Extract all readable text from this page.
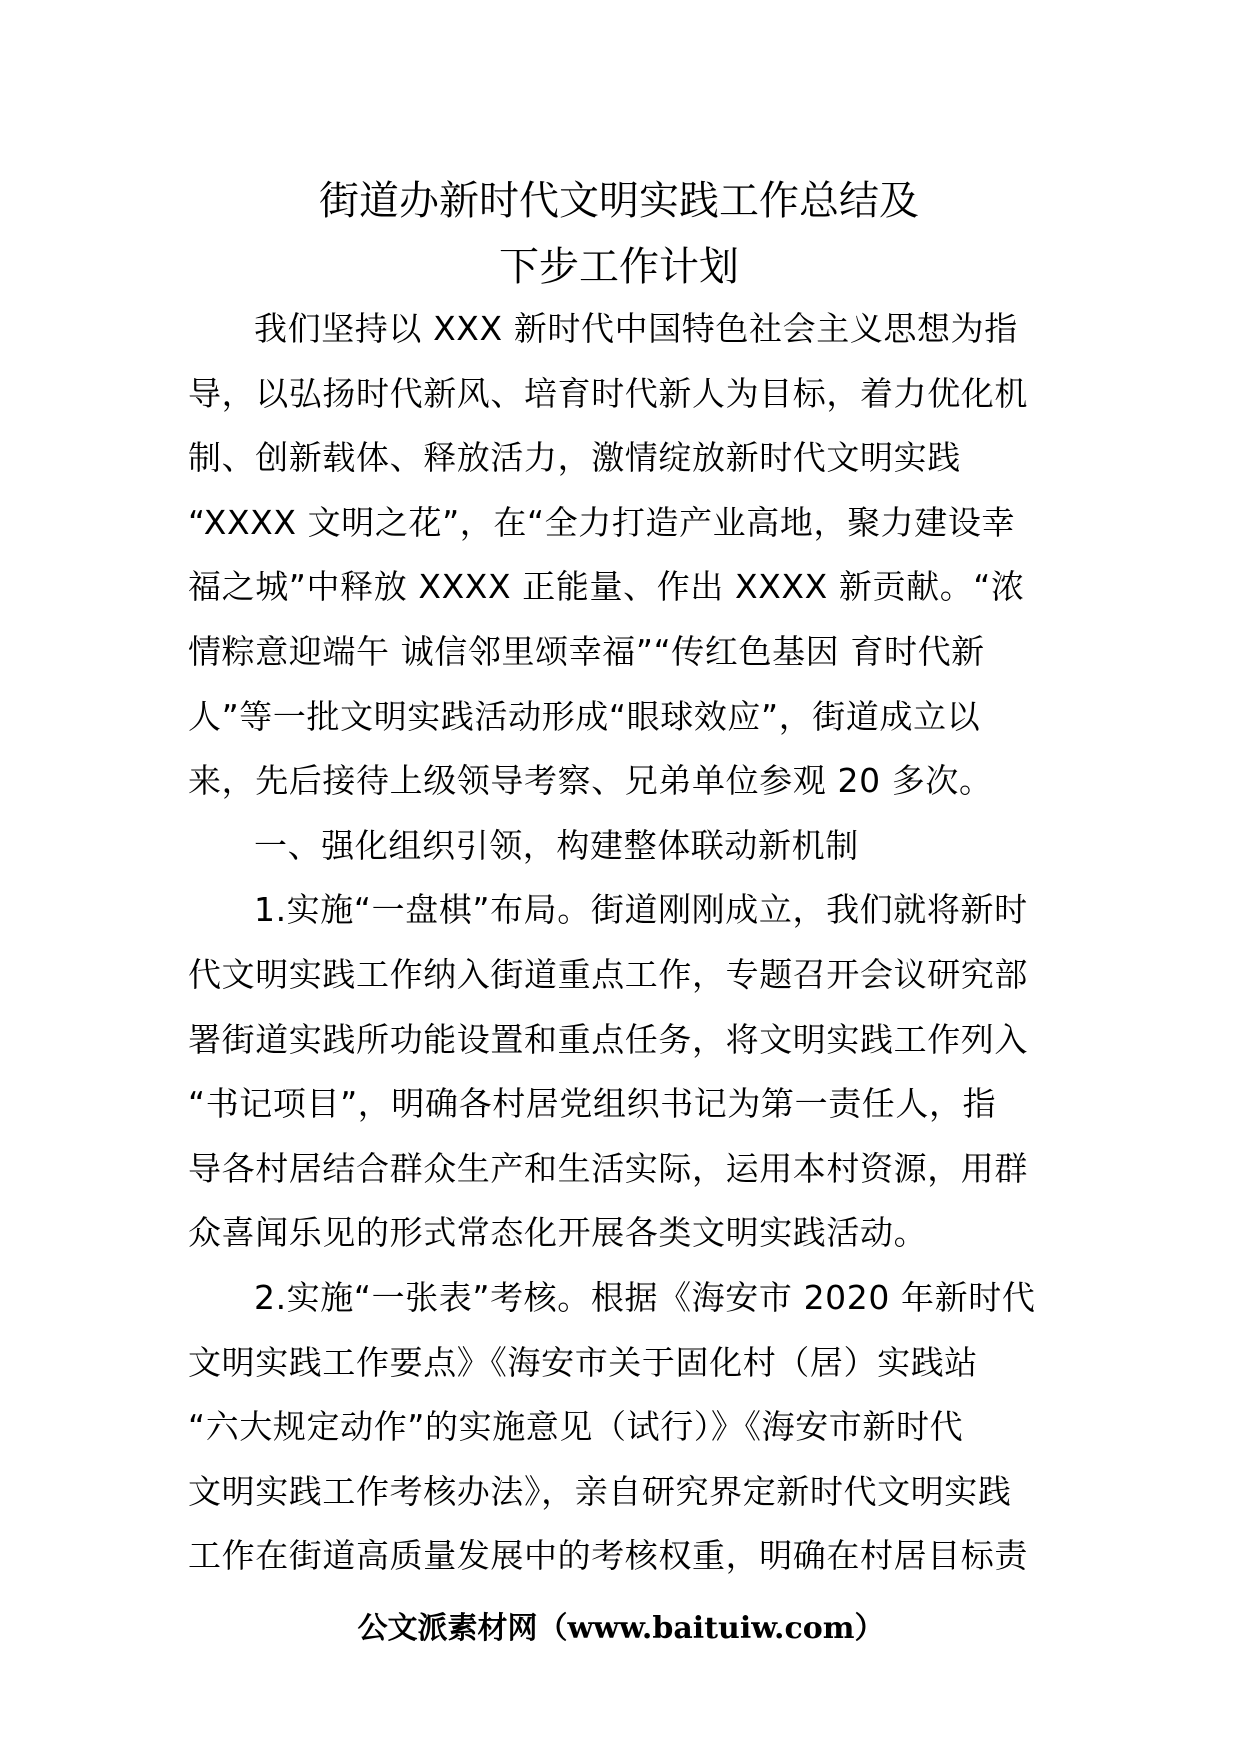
街道办新时代文明实践工作总结及
下步工作计划
我们坚持以 XXX 新时代中国特色社会主义思想为指
导，以弘扬时代新风、培育时代新人为目标，着力优化机
制、创新载体、释放活力，激情绽放新时代文明实践
“XXXX 文明之花”，在“全力打造产业高地，聚力建设幸
福之城”中释放 XXXX 正能量、作出 XXXX 新贡献。“浓
情粽意迎端午 诚信邻里颂幸福”“传红色基因 育时代新
人”等一批文明实践活动形成“眼球效应”，街道成立以
来，先后接待上级领导考察、兄弟单位参观 20 多次。
一、强化组织引领，构建整体联动新机制
1.实施“一盘棋”布局。街道刚刚成立，我们就将新时
代文明实践工作纳入街道重点工作，专题召开会议研究部
署街道实践所功能设置和重点任务，将文明实践工作列入
“书记项目”，明确各村居党组织书记为第一责任人，指
导各村居结合群众生产和生活实际，运用本村资源，用群
众喜闻乐见的形式常态化开展各类文明实践活动。
2.实施“一张表”考核。根据《海安市 2020 年新时代
文明实践工作要点》《海安市关于固化村（居）实践站
“六大规定动作”的实施意见（试行）》《海安市新时代
文明实践工作考核办法》，亲自研究界定新时代文明实践
工作在街道高质量发展中的考核权重，明确在村居目标责

公文派素材网（www.baituiw.com）
